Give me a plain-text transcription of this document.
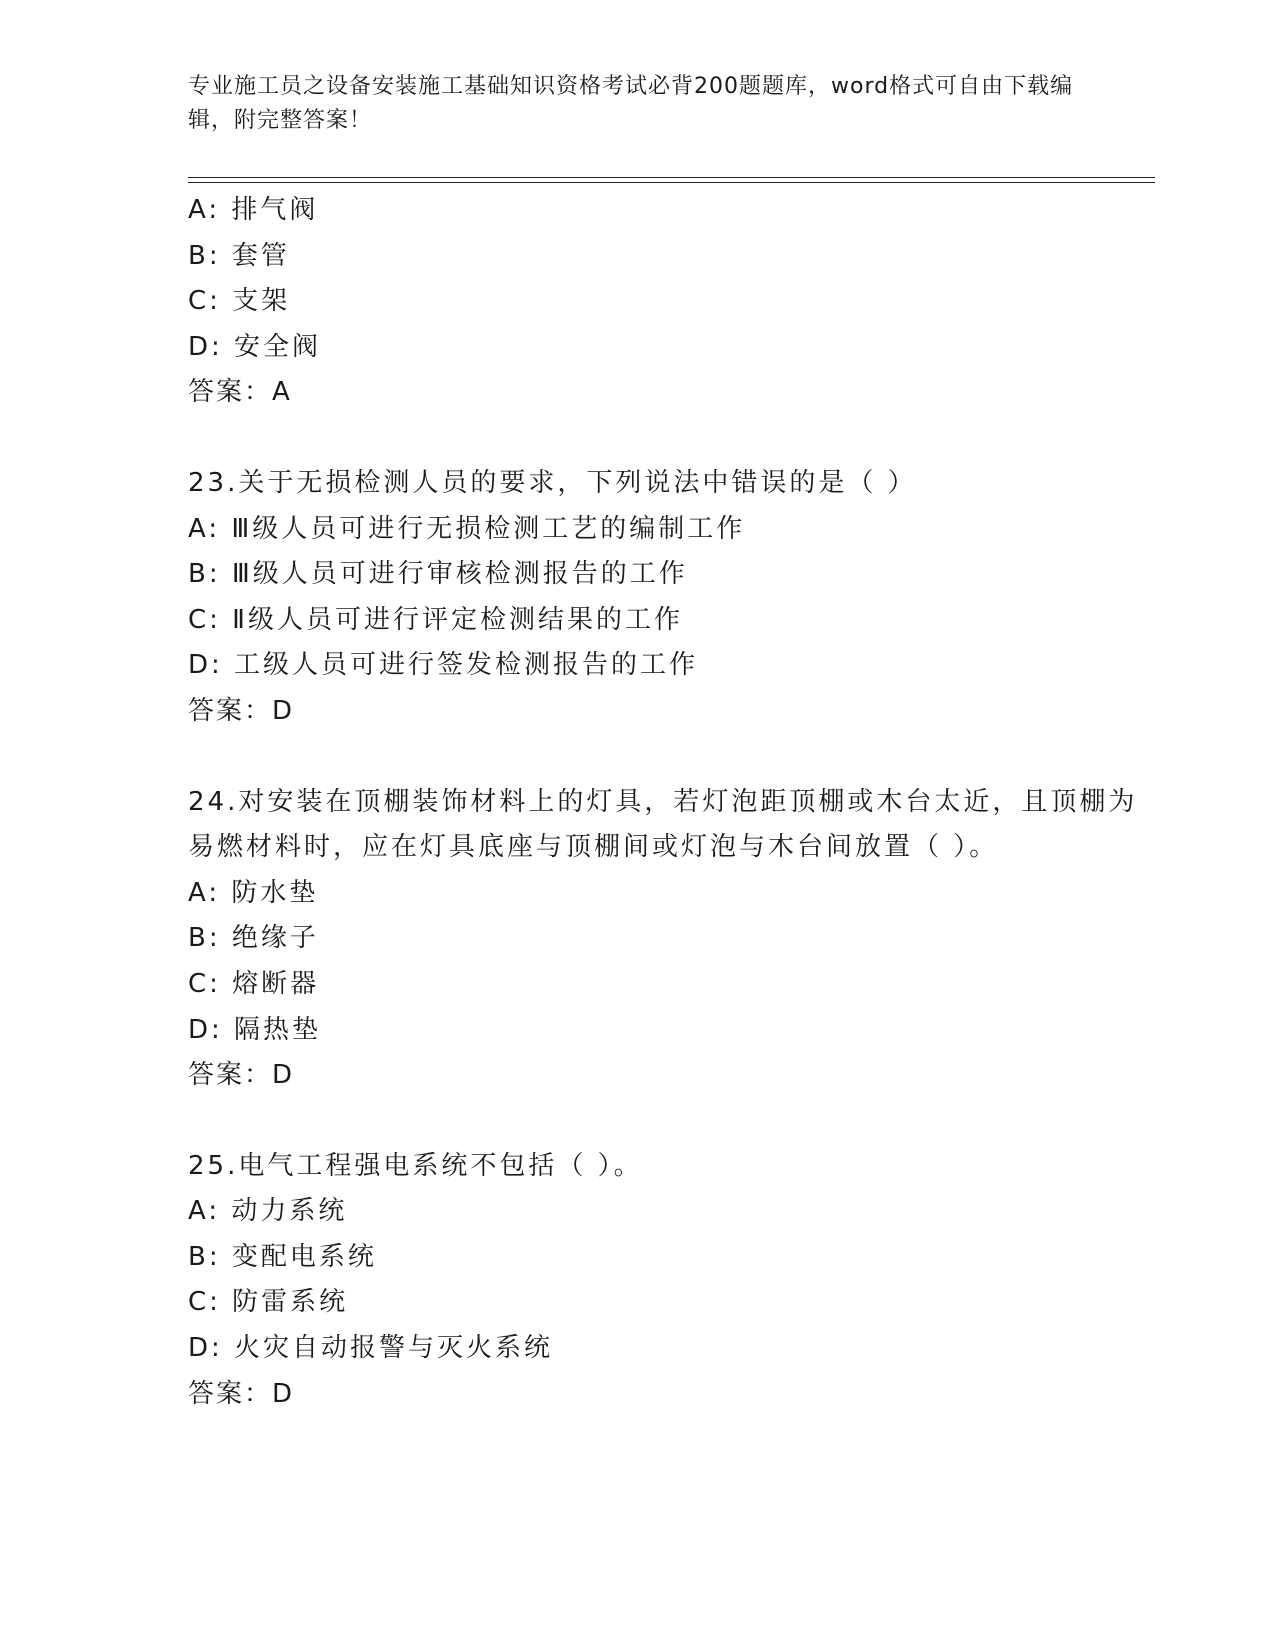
专业施工员之设备安装施工基础知识资格考试必背200题题库，word格式可自由下载编辑，附完整答案！
A: 排气阀
B: 套管
C: 支架
D: 安全阀
答案：A
23.关于无损检测人员的要求，下列说法中错误的是（ ）
A: Ⅲ级人员可进行无损检测工艺的编制工作
B: Ⅲ级人员可进行审核检测报告的工作
C: Ⅱ级人员可进行评定检测结果的工作
D: 工级人员可进行签发检测报告的工作
答案：D
24.对安装在顶棚装饰材料上的灯具，若灯泡距顶棚或木台太近，且顶棚为易燃材料时，应在灯具底座与顶棚间或灯泡与木台间放置（ ）。
A: 防水垫
B: 绝缘子
C: 熔断器
D: 隔热垫
答案：D
25.电气工程强电系统不包括（ ）。
A: 动力系统
B: 变配电系统
C: 防雷系统
D: 火灾自动报警与灭火系统
答案：D
